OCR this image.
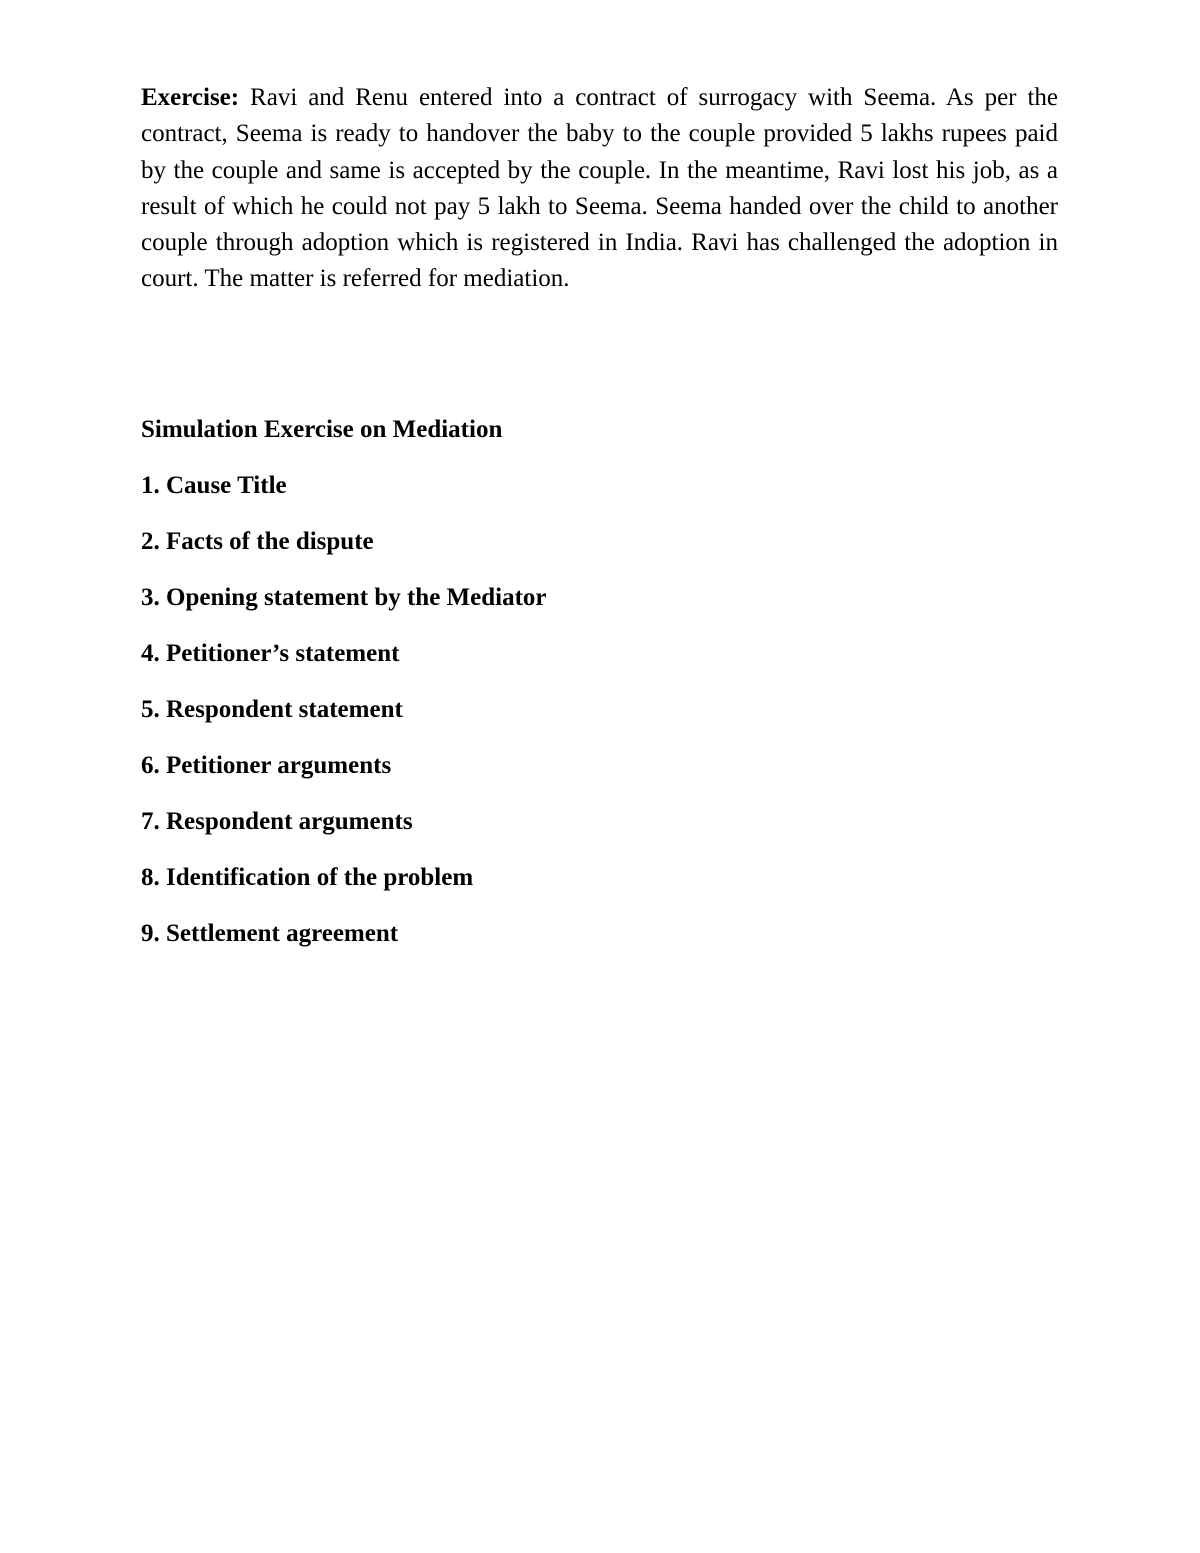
Exercise: Ravi and Renu entered into a contract of surrogacy with Seema. As per the contract, Seema is ready to handover the baby to the couple provided 5 lakhs rupees paid by the couple and same is accepted by the couple. In the meantime, Ravi lost his job, as a result of which he could not pay 5 lakh to Seema. Seema handed over the child to another couple through adoption which is registered in India. Ravi has challenged the adoption in court. The matter is referred for mediation.

Simulation Exercise on Mediation
1. Cause Title
2. Facts of the dispute
3. Opening statement by the Mediator
4. Petitioner’s statement
5. Respondent statement
6. Petitioner arguments
7. Respondent arguments
8. Identification of the problem
9. Settlement agreement
